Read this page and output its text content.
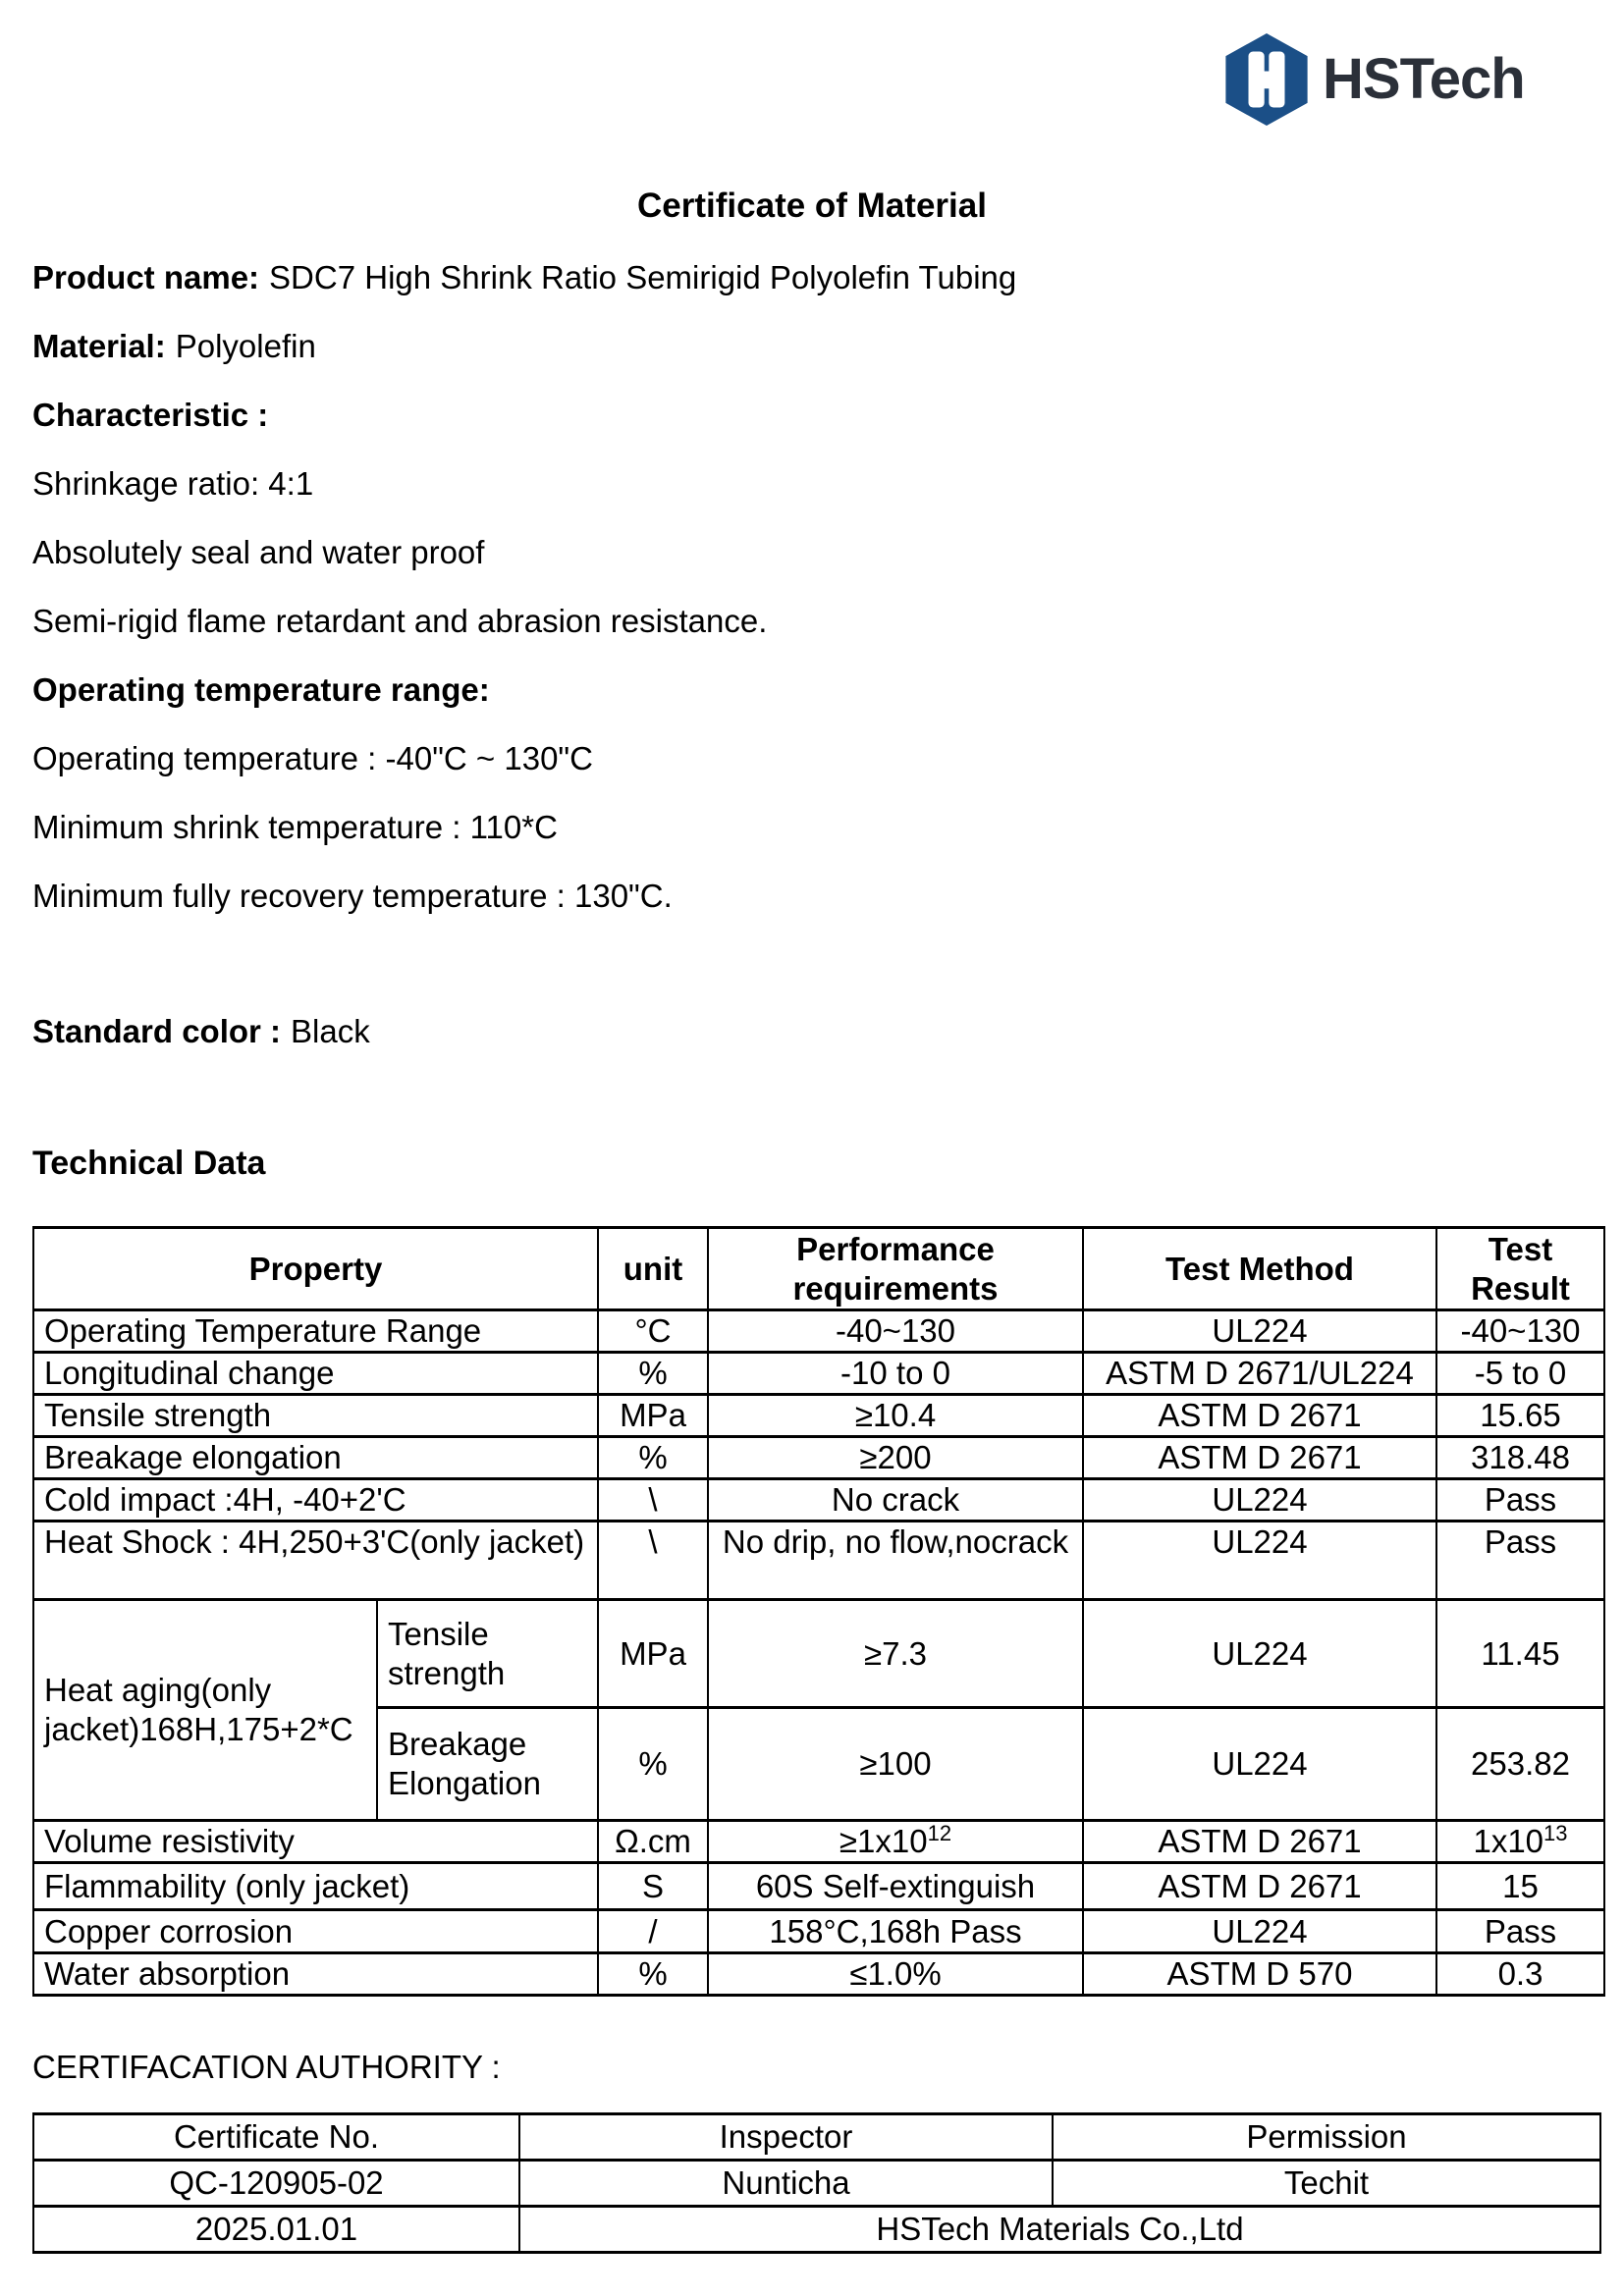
HSTech
Certificate of Material

Product name: SDC7 High Shrink Ratio Semirigid Polyolefin Tubing

Material: Polyolefin

Characteristic :

Shrinkage ratio: 4:1

Absolutely seal and water proof

Semi-rigid flame retardant and abrasion resistance.

Operating temperature range:

Operating temperature : -40"C ~ 130"C

Minimum shrink temperature : 110*C

Minimum fully recovery temperature : 130"C.

Standard color : Black

Technical Data

Property		unit	Performance requirements	Test Method	Test Result
Operating Temperature Range		°C	-40~130	UL224	-40~130
Longitudinal change		%	-10 to 0	ASTM D 2671/UL224	-5 to 0
Tensile strength		MPa	≥10.4	ASTM D 2671	15.65
Breakage elongation		%	≥200	ASTM D 2671	318.48
Cold impact :4H, -40+2'C		\	No crack	UL224	Pass
Heat Shock : 4H,250+3'C(only jacket)		\	No drip, no flow,nocrack	UL224	Pass
Heat aging(only jacket)168H,175+2*C	Tensile strength	MPa	≥7.3	UL224	11.45
	Breakage Elongation	%	≥100	UL224	253.82
Volume resistivity		Ω.cm	$\ge 1x10^{12}$	ASTM D 2671	$1x10^{13}$
Flammability (only jacket)		S	60S Self-extinguish	ASTM D 2671	15
Copper corrosion		/	158°C,168h Pass	UL224	Pass
Water absorption		%	≤1.0%	ASTM D 570	0.3

CERTIFACATION AUTHORITY :

Certificate No.	Inspector	Permission
QC-120905-02	Nunticha	Techit
2025.01.01	HSTech Materials Co.,Ltd	
